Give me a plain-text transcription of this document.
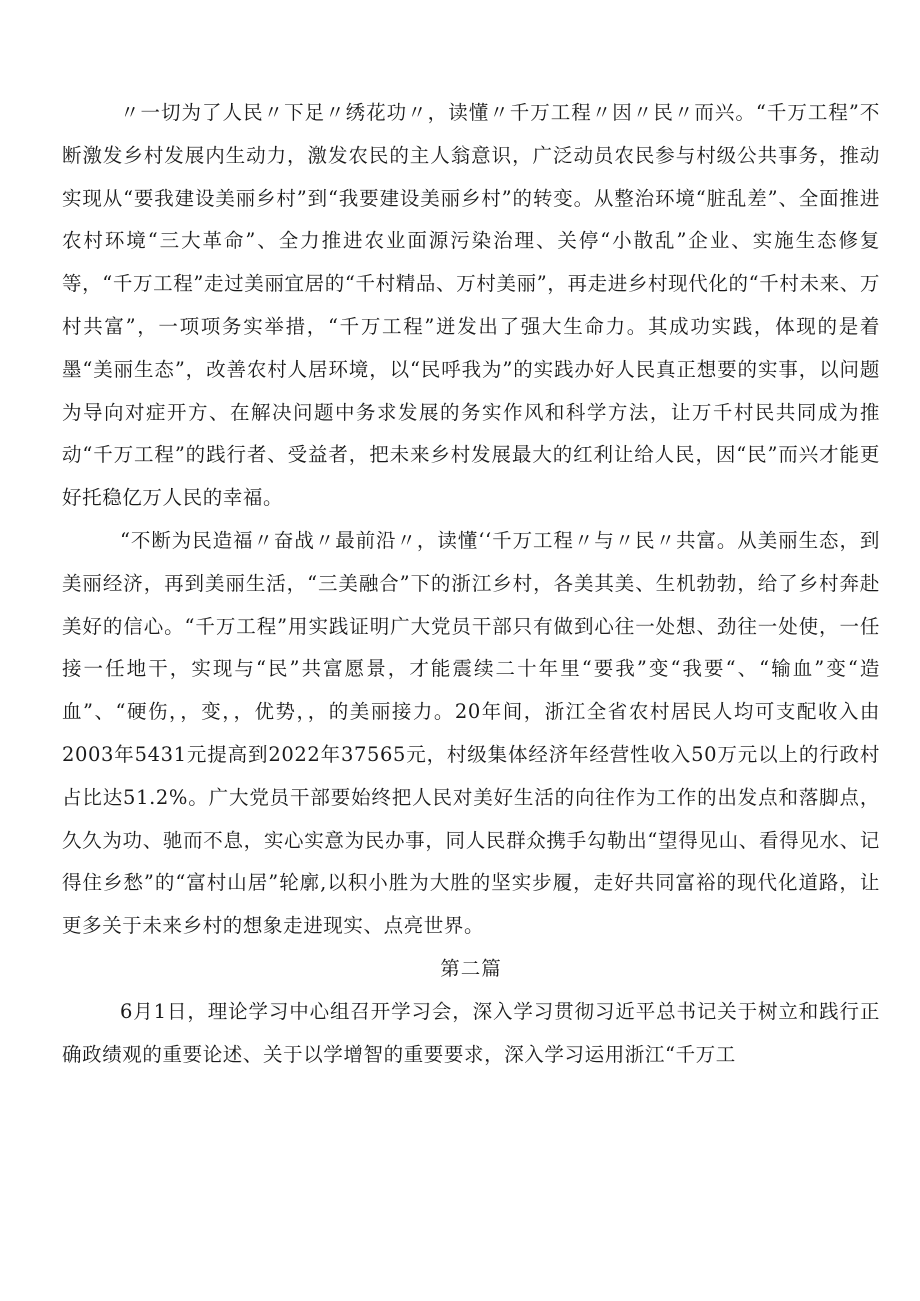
〃一切为了人民〃下足〃绣花功〃，读懂〃千万工程〃因〃民〃而兴。“千万工程”不断激发乡村发展内生动力，激发农民的主人翁意识，广泛动员农民参与村级公共事务，推动实现从“要我建设美丽乡村”到“我要建设美丽乡村”的转变。从整治环境“脏乱差”、全面推进农村环境“三大革命”、全力推进农业面源污染治理、关停“小散乱”企业、实施生态修复等，“千万工程”走过美丽宜居的“千村精品、万村美丽”，再走进乡村现代化的“千村未来、万村共富”，一项项务实举措，“千万工程”迸发出了强大生命力。其成功实践，体现的是着墨“美丽生态”，改善农村人居环境，以“民呼我为”的实践办好人民真正想要的实事，以问题为导向对症开方、在解决问题中务求发展的务实作风和科学方法，让万千村民共同成为推动“千万工程”的践行者、受益者，把未来乡村发展最大的红利让给人民，因“民”而兴才能更好托稳亿万人民的幸福。

“不断为民造福〃奋战〃最前沿〃，读懂‘‘千万工程〃与〃民〃共富。从美丽生态，到美丽经济，再到美丽生活，“三美融合”下的浙江乡村，各美其美、生机勃勃，给了乡村奔赴美好的信心。“千万工程”用实践证明广大党员干部只有做到心往一处想、劲往一处使，一任接一任地干，实现与“民”共富愿景，才能震续二十年里“要我”变“我要“、“输血”变“造血”、“硬伤，，变，，优势，，的美丽接力。20年间，浙江全省农村居民人均可支配收入由2003年5431元提高到2022年37565元，村级集体经济年经营性收入50万元以上的行政村占比达51.2%。广大党员干部要始终把人民对美好生活的向往作为工作的出发点和落脚点，久久为功、驰而不息，实心实意为民办事，同人民群众携手勾勒出“望得见山、看得见水、记得住乡愁”的“富村山居”轮廓,以积小胜为大胜的坚实步履，走好共同富裕的现代化道路，让更多关于未来乡村的想象走进现实、点亮世界。

第二篇

6月1日，理论学习中心组召开学习会，深入学习贯彻习近平总书记关于树立和践行正确政绩观的重要论述、关于以学增智的重要要求，深入学习运用浙江“千万工
